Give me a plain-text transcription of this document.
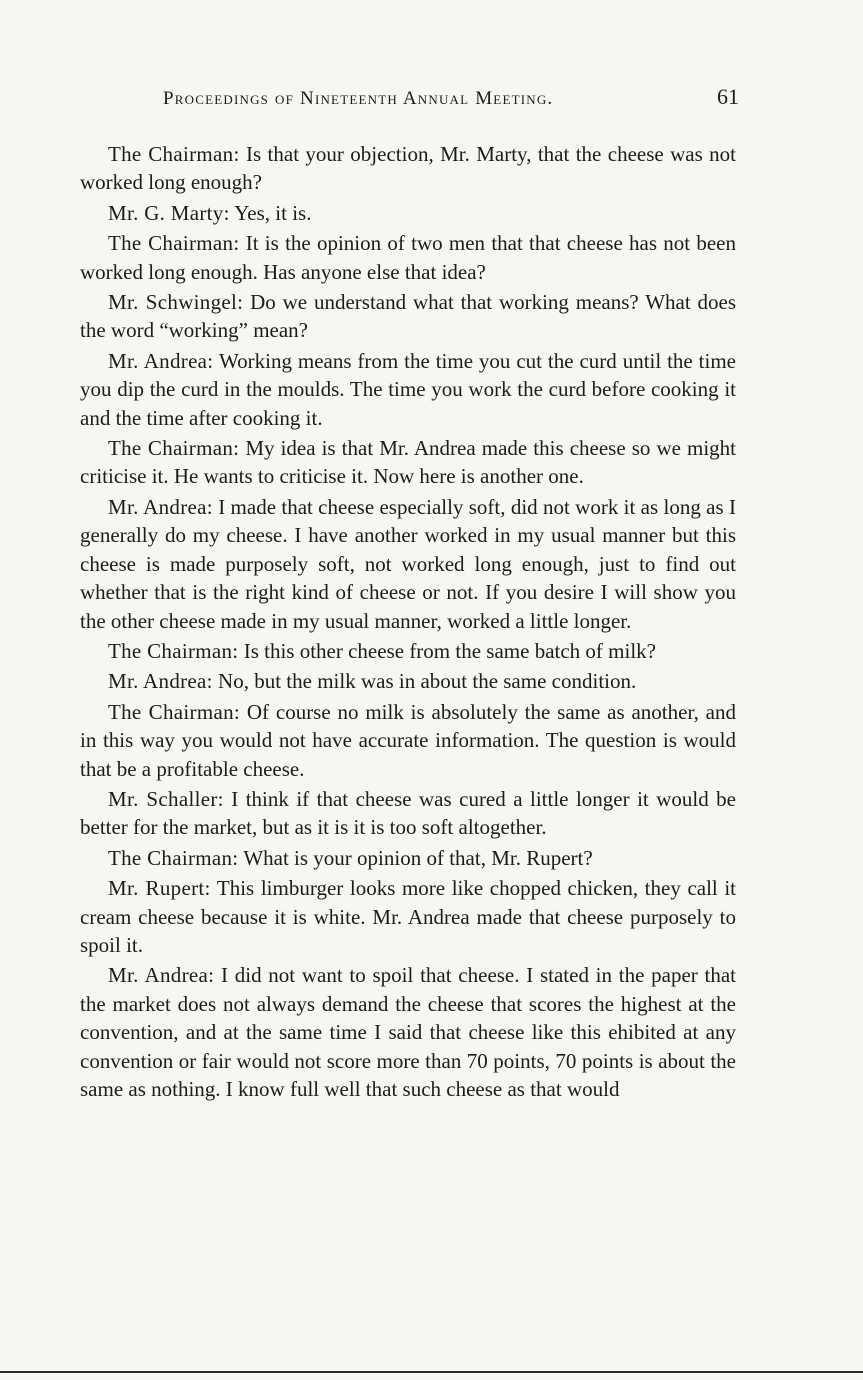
Proceedings of Nineteenth Annual Meeting.	61

The Chairman: Is that your objection, Mr. Marty, that the cheese was not worked long enough?

Mr. G. Marty: Yes, it is.

The Chairman: It is the opinion of two men that that cheese has not been worked long enough. Has anyone else that idea?

Mr. Schwingel: Do we understand what that working means? What does the word “working” mean?

Mr. Andrea: Working means from the time you cut the curd until the time you dip the curd in the moulds. The time you work the curd before cooking it and the time after cooking it.

The Chairman: My idea is that Mr. Andrea made this cheese so we might criticise it. He wants to criticise it. Now here is another one.

Mr. Andrea: I made that cheese especially soft, did not work it as long as I generally do my cheese. I have another worked in my usual manner but this cheese is made purposely soft, not worked long enough, just to find out whether that is the right kind of cheese or not. If you desire I will show you the other cheese made in my usual manner, worked a little longer.

The Chairman: Is this other cheese from the same batch of milk?

Mr. Andrea: No, but the milk was in about the same condition.

The Chairman: Of course no milk is absolutely the same as another, and in this way you would not have accurate information. The question is would that be a profitable cheese.

Mr. Schaller: I think if that cheese was cured a little longer it would be better for the market, but as it is it is too soft altogether.

The Chairman: What is your opinion of that, Mr. Rupert?

Mr. Rupert: This limburger looks more like chopped chicken, they call it cream cheese because it is white. Mr. Andrea made that cheese purposely to spoil it.

Mr. Andrea: I did not want to spoil that cheese. I stated in the paper that the market does not always demand the cheese that scores the highest at the convention, and at the same time I said that cheese like this ehibited at any convention or fair would not score more than 70 points, 70 points is about the same as nothing. I know full well that such cheese as that would
